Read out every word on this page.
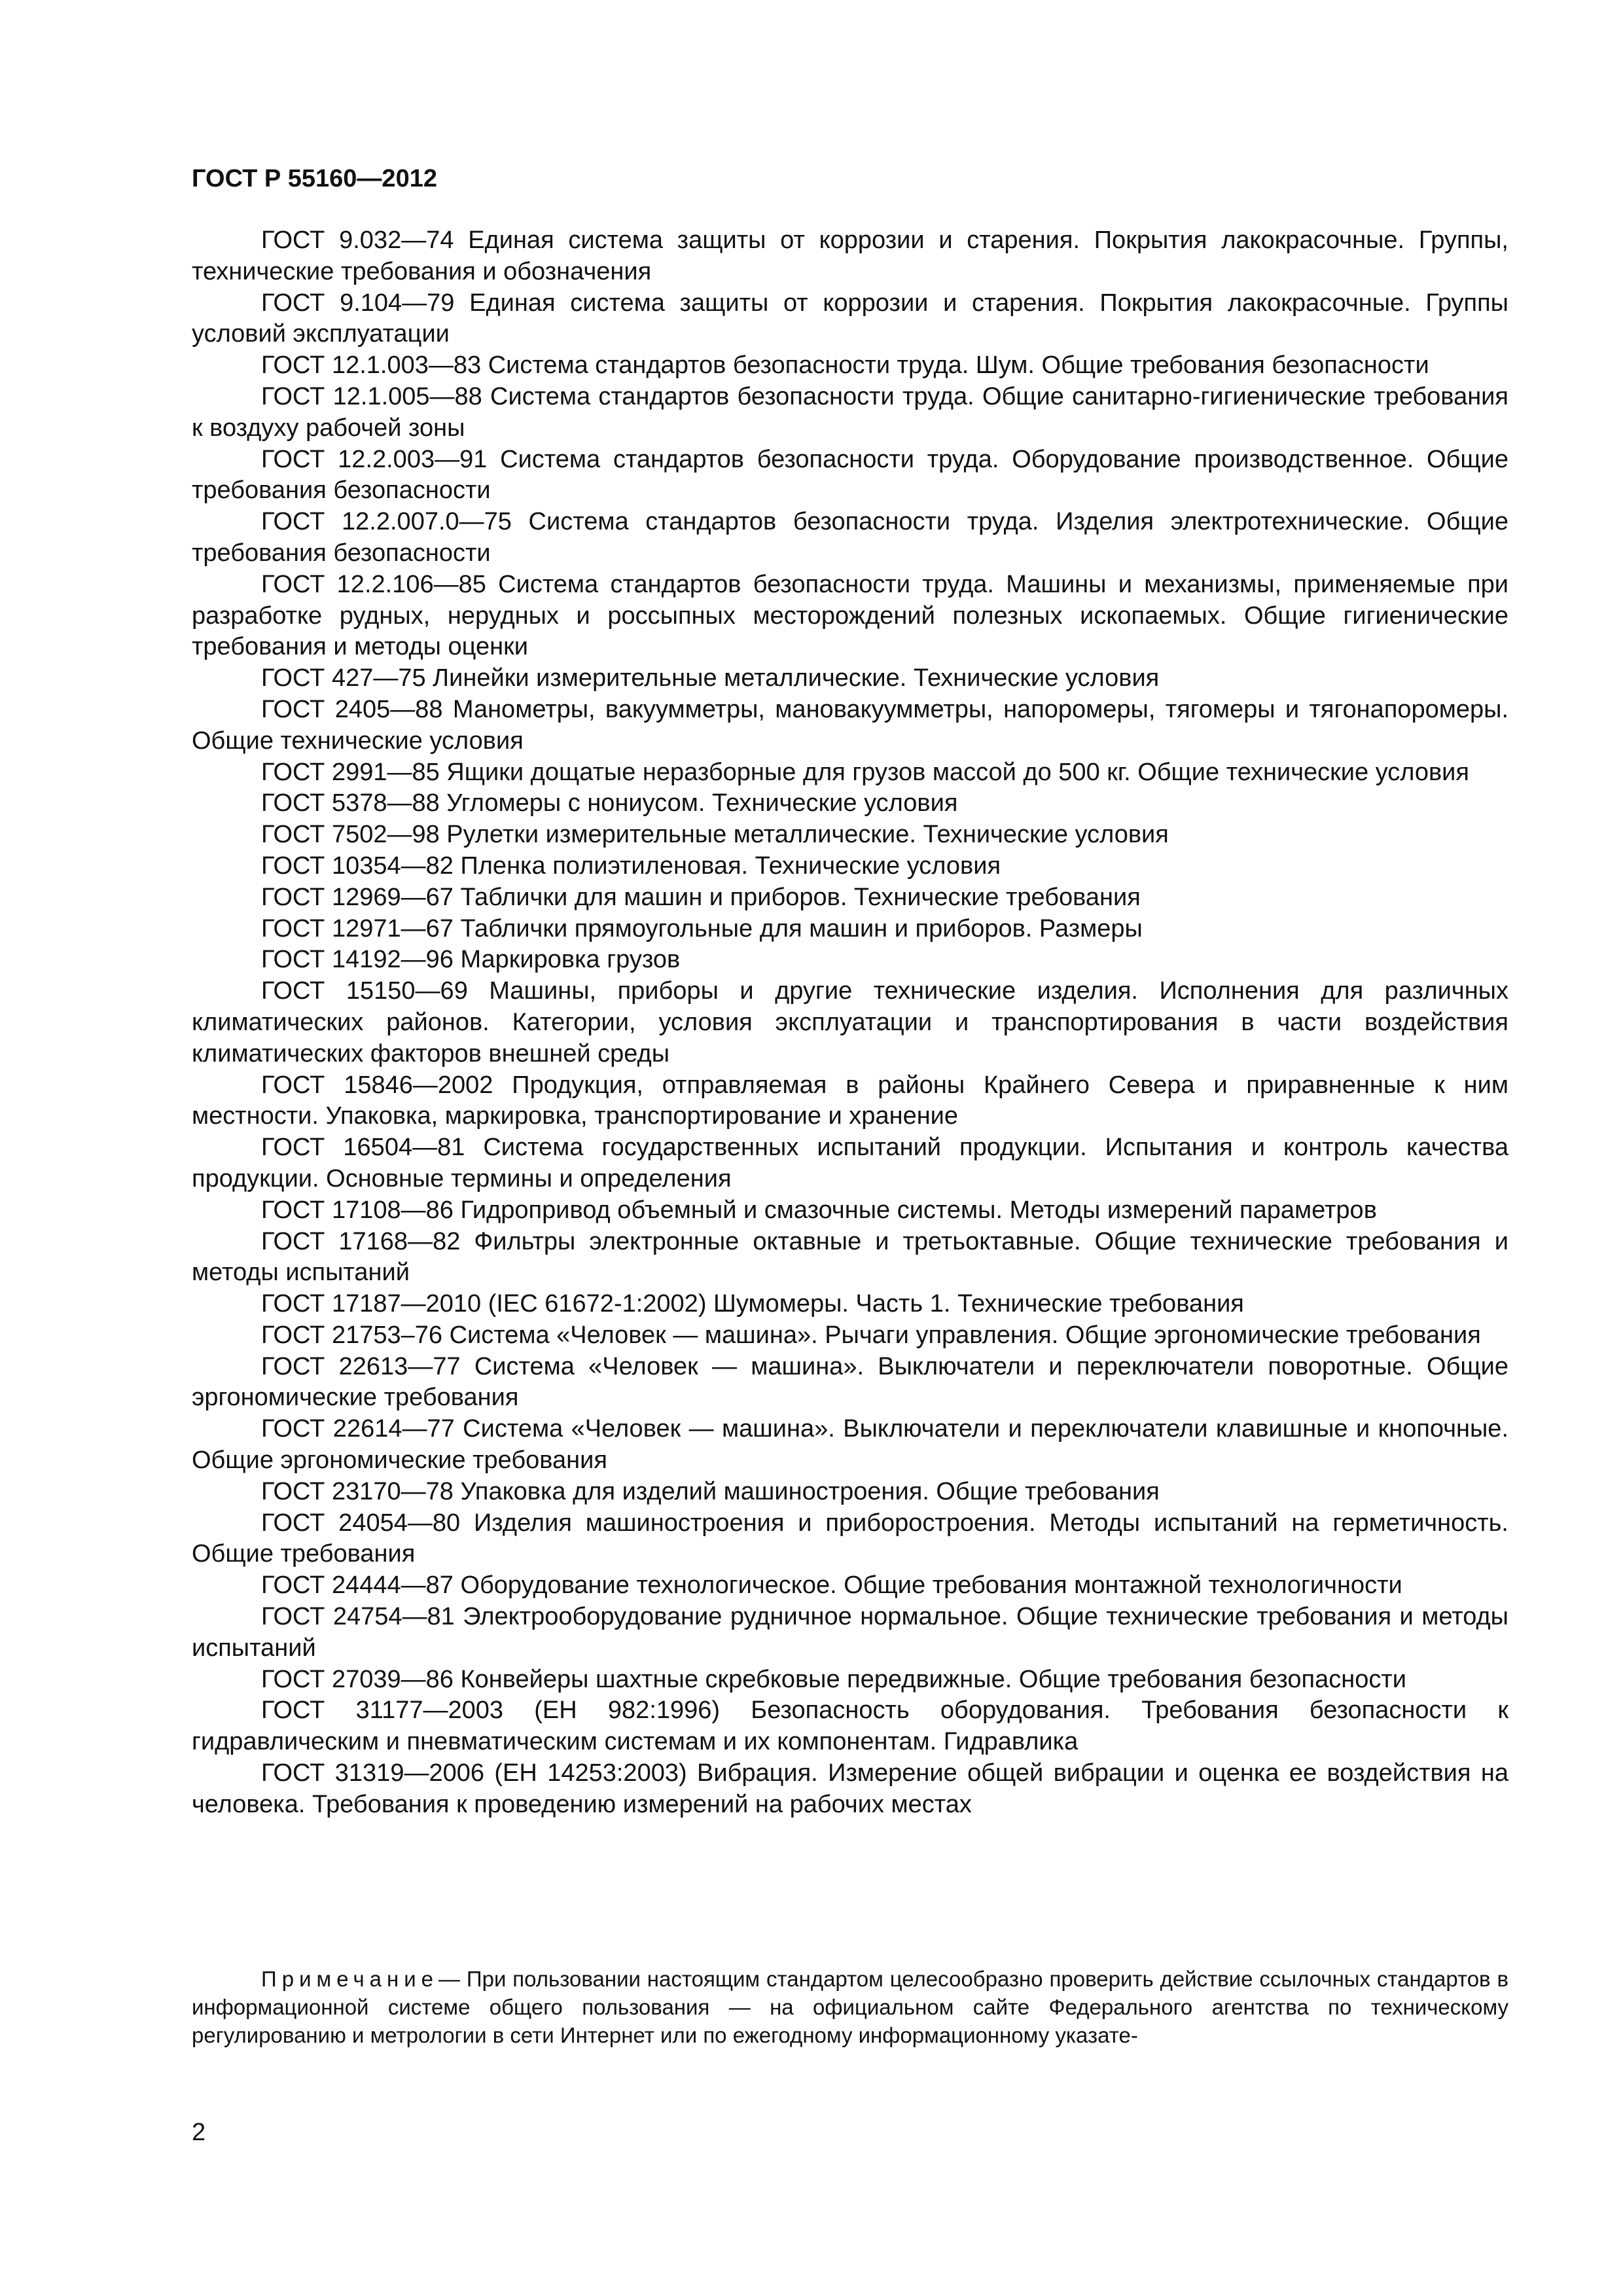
ГОСТ Р 55160—2012

ГОСТ 9.032—74 Единая система защиты от коррозии и старения. Покрытия лакокрасочные. Группы, технические требования и обозначения

ГОСТ 9.104—79 Единая система защиты от коррозии и старения. Покрытия лакокрасочные. Группы условий эксплуатации

ГОСТ 12.1.003—83 Система стандартов безопасности труда. Шум. Общие требования безопасности

ГОСТ 12.1.005—88 Система стандартов безопасности труда. Общие санитарно-гигиенические требования к воздуху рабочей зоны

ГОСТ 12.2.003—91 Система стандартов безопасности труда. Оборудование производственное. Общие требования безопасности

ГОСТ 12.2.007.0—75 Система стандартов безопасности труда. Изделия электротехнические. Общие требования безопасности

ГОСТ 12.2.106—85 Система стандартов безопасности труда. Машины и механизмы, применяемые при разработке рудных, нерудных и россыпных месторождений полезных ископаемых. Общие гигиенические требования и методы оценки

ГОСТ 427—75 Линейки измерительные металлические. Технические условия

ГОСТ 2405—88 Манометры, вакуумметры, мановакуумметры, напоромеры, тягомеры и тягонапоромеры. Общие технические условия

ГОСТ 2991—85 Ящики дощатые неразборные для грузов массой до 500 кг. Общие технические условия

ГОСТ 5378—88 Угломеры с нониусом. Технические условия

ГОСТ 7502—98 Рулетки измерительные металлические. Технические условия

ГОСТ 10354—82 Пленка полиэтиленовая. Технические условия

ГОСТ 12969—67 Таблички для машин и приборов. Технические требования

ГОСТ 12971—67 Таблички прямоугольные для машин и приборов. Размеры

ГОСТ 14192—96 Маркировка грузов

ГОСТ 15150—69 Машины, приборы и другие технические изделия. Исполнения для различных климатических районов. Категории, условия эксплуатации и транспортирования в части воздействия климатических факторов внешней среды

ГОСТ 15846—2002 Продукция, отправляемая в районы Крайнего Севера и приравненные к ним местности. Упаковка, маркировка, транспортирование и хранение

ГОСТ 16504—81 Система государственных испытаний продукции. Испытания и контроль качества продукции. Основные термины и определения

ГОСТ 17108—86 Гидропривод объемный и смазочные системы. Методы измерений параметров

ГОСТ 17168—82 Фильтры электронные октавные и третьоктавные. Общие технические требования и методы испытаний

ГОСТ 17187—2010 (IEC 61672-1:2002) Шумомеры. Часть 1. Технические требования

ГОСТ 21753–76 Система «Человек — машина». Рычаги управления. Общие эргономические требования

ГОСТ 22613—77 Система «Человек — машина». Выключатели и переключатели поворотные. Общие эргономические требования

ГОСТ 22614—77 Система «Человек — машина». Выключатели и переключатели клавишные и кнопочные. Общие эргономические требования

ГОСТ 23170—78 Упаковка для изделий машиностроения. Общие требования

ГОСТ 24054—80 Изделия машиностроения и приборостроения. Методы испытаний на герметичность. Общие требования

ГОСТ 24444—87 Оборудование технологическое. Общие требования монтажной технологичности

ГОСТ 24754—81 Электрооборудование рудничное нормальное. Общие технические требования и методы испытаний

ГОСТ 27039—86 Конвейеры шахтные скребковые передвижные. Общие требования безопасности

ГОСТ 31177—2003 (ЕН 982:1996) Безопасность оборудования. Требования безопасности к гидравлическим и пневматическим системам и их компонентам. Гидравлика

ГОСТ 31319—2006 (ЕН 14253:2003) Вибрация. Измерение общей вибрации и оценка ее воздействия на человека. Требования к проведению измерений на рабочих местах

Примечание— При пользовании настоящим стандартом целесообразно проверить действие ссылочных стандартов в информационной системе общего пользования — на официальном сайте Федерального агентства по техническому регулированию и метрологии в сети Интернет или по ежегодному информационному указате-

2
